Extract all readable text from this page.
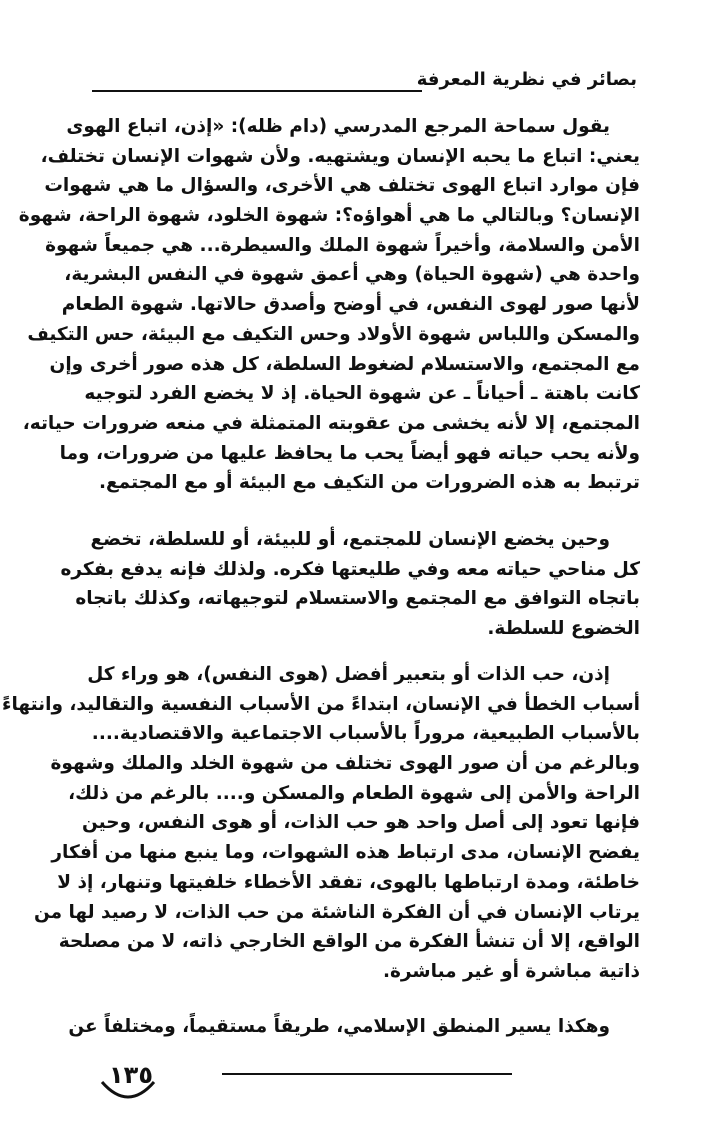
بصائر في نظرية المعرفة
يقول سماحة المرجع المدرسي (دام ظله): «إذن، اتباع الهوى
يعني: اتباع ما يحبه الإنسان ويشتهيه. ولأن شهوات الإنسان تختلف،
فإن موارد اتباع الهوى تختلف هي الأخرى، والسؤال ما هي شهوات
الإنسان؟ وبالتالي ما هي أهواؤه؟: شهوة الخلود، شهوة الراحة، شهوة
الأمن والسلامة، وأخيراً شهوة الملك والسيطرة... هي جميعاً شهوة
واحدة هي (شهوة الحياة) وهي أعمق شهوة في النفس البشرية،
لأنها صور لهوى النفس، في أوضح وأصدق حالاتها. شهوة الطعام
والمسكن واللباس شهوة الأولاد وحس التكيف مع البيئة، حس التكيف
مع المجتمع، والاستسلام لضغوط السلطة، كل هذه صور أخرى وإن
كانت باهتة ـ أحياناً ـ عن شهوة الحياة. إذ لا يخضع الفرد لتوجيه
المجتمع، إلا لأنه يخشى من عقوبته المتمثلة في منعه ضرورات حياته،
ولأنه يحب حياته فهو أيضاً يحب ما يحافظ عليها من ضرورات، وما
ترتبط به هذه الضرورات من التكيف مع البيئة أو مع المجتمع.
وحين يخضع الإنسان للمجتمع، أو للبيئة، أو للسلطة، تخضع
كل مناحي حياته معه وفي طليعتها فكره. ولذلك فإنه يدفع بفكره
باتجاه التوافق مع المجتمع والاستسلام لتوجيهاته، وكذلك باتجاه
الخضوع للسلطة.
إذن، حب الذات أو بتعبير أفضل (هوى النفس)، هو وراء كل
أسباب الخطأ في الإنسان، ابتداءً من الأسباب النفسية والتقاليد، وانتهاءً
بالأسباب الطبيعية، مروراً بالأسباب الاجتماعية والاقتصادية....
وبالرغم من أن صور الهوى تختلف من شهوة الخلد والملك وشهوة
الراحة والأمن إلى شهوة الطعام والمسكن و.... بالرغم من ذلك،
فإنها تعود إلى أصل واحد هو حب الذات، أو هوى النفس، وحين
يفضح الإنسان، مدى ارتباط هذه الشهوات، وما ينبع منها من أفكار
خاطئة، ومدة ارتباطها بالهوى، تفقد الأخطاء خلفيتها وتنهار، إذ لا
يرتاب الإنسان في أن الفكرة الناشئة من حب الذات، لا رصيد لها من
الواقع، إلا أن تنشأ الفكرة من الواقع الخارجي ذاته، لا من مصلحة
ذاتية مباشرة أو غير مباشرة.
وهكذا يسير المنطق الإسلامي، طريقاً مستقيماً، ومختلفاً عن
١٣٥
